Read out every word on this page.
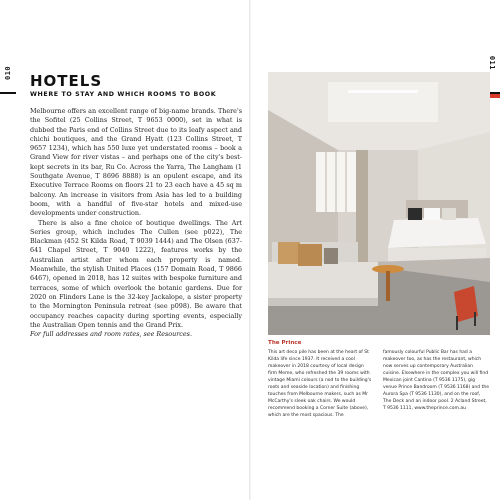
010 HOTELS
WHERE TO STAY AND WHICH ROOMS TO BOOK

Melbourne offers an excellent range of big-name brands. There's the Sofitel (25 Collins Street, T 9653 0000), set in what is dubbed the Paris end of Collins Street due to its leafy aspect and chichi boutiques, and the Grand Hyatt (123 Collins Street, T 9657 1234), which has 550 luxe yet understated rooms – book a Grand View for river vistas – and perhaps one of the city's best-kept secrets in its bar, Ru Co. Across the Yarra, The Langham (1 Southgate Avenue, T 8696 8888) is an opulent escape, and its Executive Terrace Rooms on floors 21 to 23 each have a 45 sq m balcony. An increase in visitors from Asia has led to a building boom, with a handful of five-star hotels and mixed-use developments under construction.

There is also a fine choice of boutique dwellings. The Art Series group, which includes The Cullen (see p022), The Blackman (452 St Kilda Road, T 9039 1444) and The Olsen (637-641 Chapel Street, T 9040 1222), features works by the Australian artist after whom each property is named. Meanwhile, the stylish United Places (157 Domain Road, T 9866 6467), opened in 2018, has 12 suites with bespoke furniture and terraces, some of which overlook the botanic gardens. Due for 2020 on Flinders Lane is the 32-key Jackalope, a sister property to the Mornington Peninsula retreat (see p098). Be aware that occupancy reaches capacity during sporting events, especially the Australian Open tennis and the Grand Prix.

For full addresses and room rates, see Resources.

011
The Prince
This art deco pile has been at the heart of St Kilda life since 1937. It received a cool makeover in 2018 courtesy of local design firm Meme, who refreshed the 39 rooms with vintage Miami colours (a nod to the building's roots and seaside location) and finishing touches from Melbourne makers, such as Mr McCarthy's sleek oak chairs. We would recommend booking a Corner Suite (above), which are the most spacious. The
famously colourful Public Bar has had a makeover too, as has the restaurant, which now serves up contemporary Australian cuisine. Elsewhere in the complex you will find Mexican joint Cantina (T 9536 1175), gig venue Prince Bandroom (T 9536 1168) and the Aurora Spa (T 9536 1130), and on the roof, The Deck and an indoor pool. 2 Acland Street, T 9536 1111, www.theprince.com.au
